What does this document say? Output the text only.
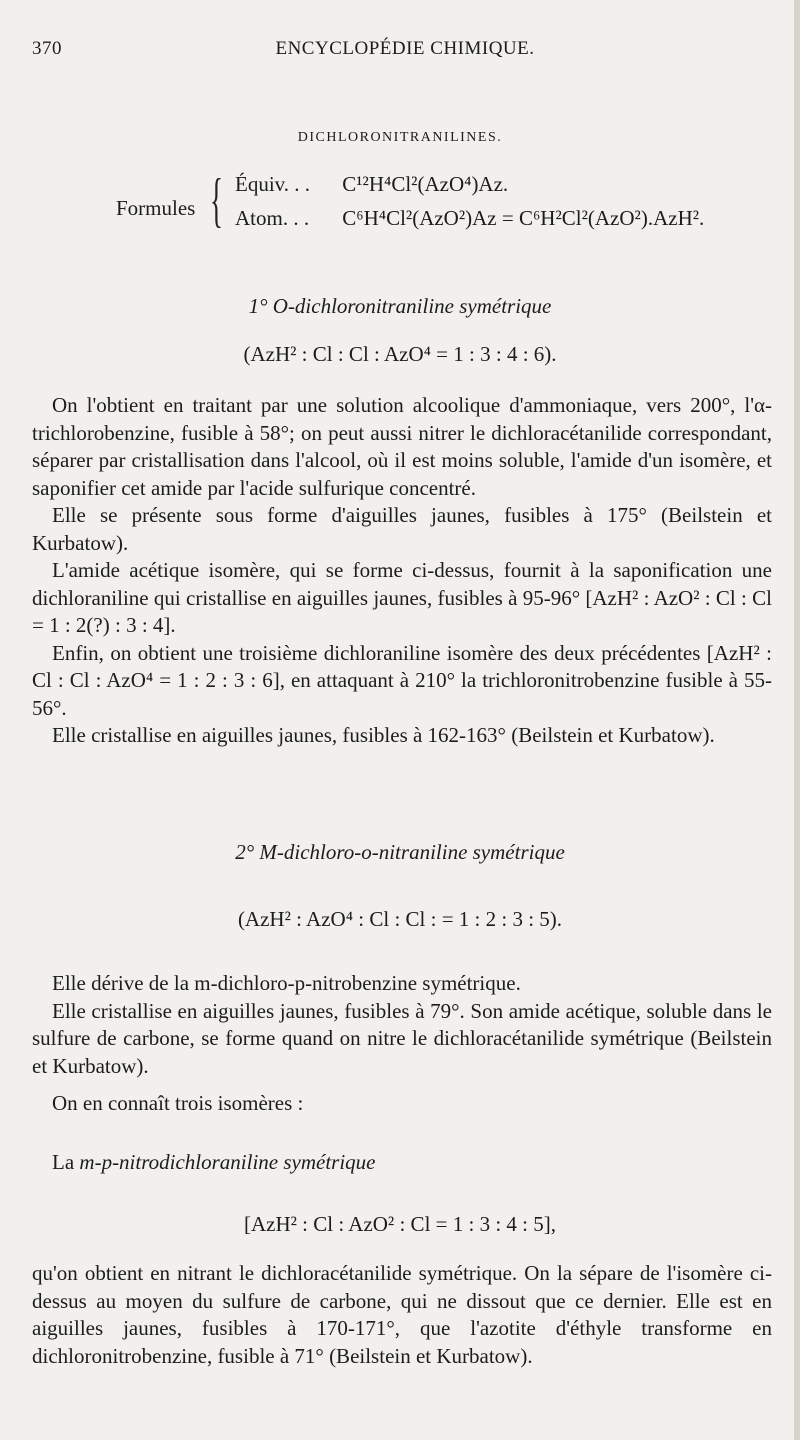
370	ENCYCLOPÉDIE CHIMIQUE.
DICHLORONITRANILINES.
Formules { Équiv. . . C¹²H⁴Cl²(AzO⁴)Az.
Atom. . . C⁶H⁴Cl²(AzO²)Az = C⁶H²Cl²(AzO²).AzH².
1° O-dichloronitraniline symétrique
(AzH² : Cl : Cl : AzO⁴ = 1 : 3 : 4 : 6).

On l'obtient en traitant par une solution alcoolique d'ammoniaque, vers 200°, l'α-trichlorobenzine, fusible à 58°; on peut aussi nitrer le dichloracétanilide correspondant, séparer par cristallisation dans l'alcool, où il est moins soluble, l'amide d'un isomère, et saponifier cet amide par l'acide sulfurique concentré.

Elle se présente sous forme d'aiguilles jaunes, fusibles à 175° (Beilstein et Kurbatow).

L'amide acétique isomère, qui se forme ci-dessus, fournit à la saponification une dichloraniline qui cristallise en aiguilles jaunes, fusibles à 95-96° [AzH² : AzO² : Cl : Cl = 1 : 2(?) : 3 : 4].

Enfin, on obtient une troisième dichloraniline isomère des deux précédentes [AzH² : Cl : Cl : AzO⁴ = 1 : 2 : 3 : 6], en attaquant à 210° la trichloronitrobenzine fusible à 55-56°.

Elle cristallise en aiguilles jaunes, fusibles à 162-163° (Beilstein et Kurbatow).

2° M-dichloro-o-nitraniline symétrique
(AzH² : AzO⁴ : Cl : Cl : = 1 : 2 : 3 : 5).

Elle dérive de la m-dichloro-p-nitrobenzine symétrique.

Elle cristallise en aiguilles jaunes, fusibles à 79°. Son amide acétique, soluble dans le sulfure de carbone, se forme quand on nitre le dichloracétanilide symétrique (Beilstein et Kurbatow).

On en connaît trois isomères :

La m-p-nitrodichloraniline symétrique
[AzH² : Cl : AzO² : Cl = 1 : 3 : 4 : 5],

qu'on obtient en nitrant le dichloracétanilide symétrique. On la sépare de l'isomère ci-dessus au moyen du sulfure de carbone, qui ne dissout que ce dernier. Elle est en aiguilles jaunes, fusibles à 170-171°, que l'azotite d'éthyle transforme en dichloronitrobenzine, fusible à 71° (Beilstein et Kurbatow).
